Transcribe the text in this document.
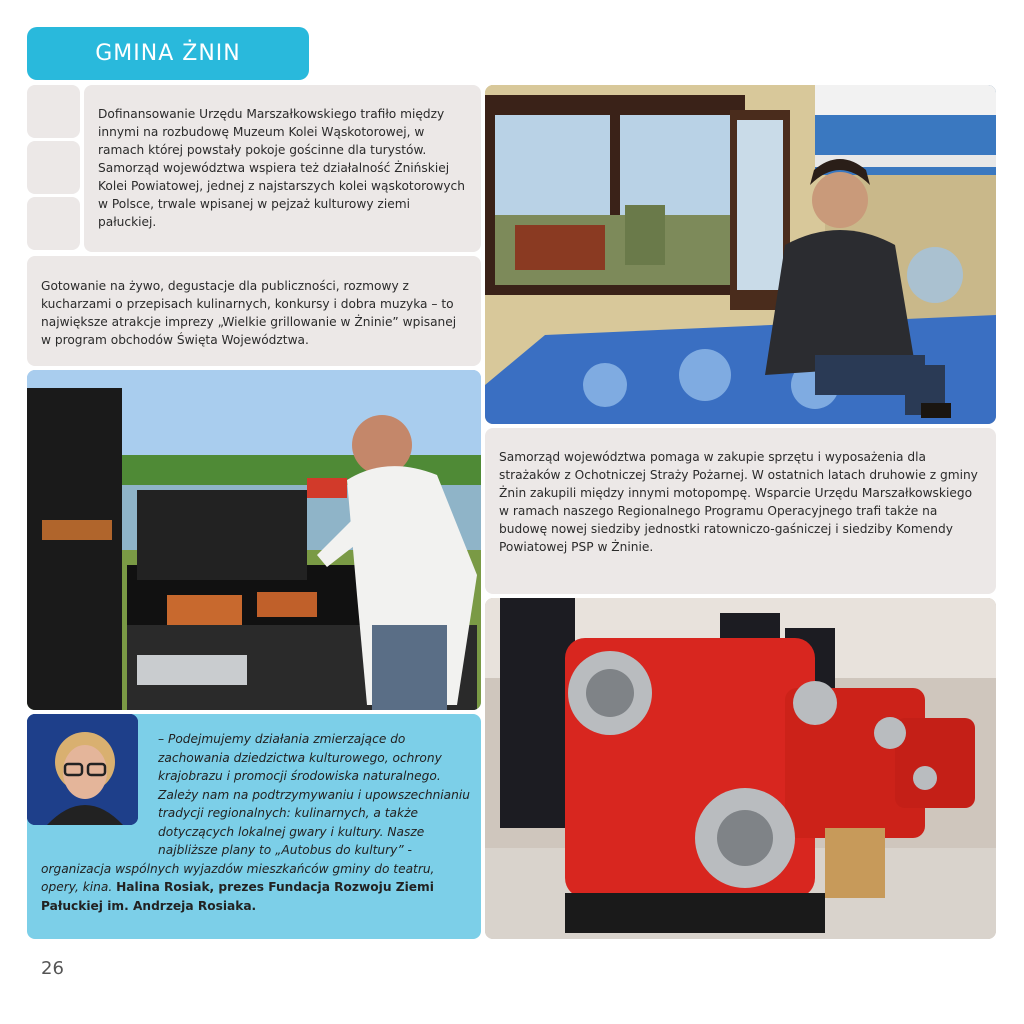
GMINA ŻNIN
Dofinansowanie Urzędu Marszałkowskiego trafiło między innymi na rozbudowę Muzeum Kolei Wąskotorowej, w ramach której powstały pokoje gościnne dla turystów. Samorząd województwa wspiera też działalność Żnińskiej Kolei Powiatowej, jednej z najstarszych kolei wąskotorowych w Polsce, trwale wpisanej w pejzaż kulturowy ziemi pałuckiej.
Gotowanie na żywo, degustacje dla publiczności, rozmowy z kucharzami o przepisach kulinarnych, konkursy i dobra muzyka – to największe atrakcje imprezy „Wielkie grillowanie w Żninie” wpisanej w program obchodów Święta Województwa.
Samorząd województwa pomaga w zakupie sprzętu i wyposażenia dla strażaków z Ochotniczej Straży Pożarnej. W ostatnich latach druhowie z gminy Żnin zakupili między innymi motopompę. Wsparcie Urzędu Marszałkowskiego w ramach naszego Regionalnego Programu Operacyjnego trafi także na budowę nowej siedziby jednostki ratowniczo-gaśniczej i siedziby Komendy Powiatowej PSP w Żninie.
– Podejmujemy działania zmierzające do zachowania dziedzictwa kulturowego, ochrony krajobrazu i promocji środowiska naturalnego. Zależy nam na podtrzymywaniu i upowszechnianiu tradycji regionalnych: kulinarnych, a także dotyczących lokalnej gwary i kultury. Nasze najbliższe plany to „Autobus do kultury” - organizacja wspólnych wyjazdów mieszkańców gminy do teatru, opery, kina. Halina Rosiak, prezes Fundacja Rozwoju Ziemi Pałuckiej im. Andrzeja Rosiaka.
26
